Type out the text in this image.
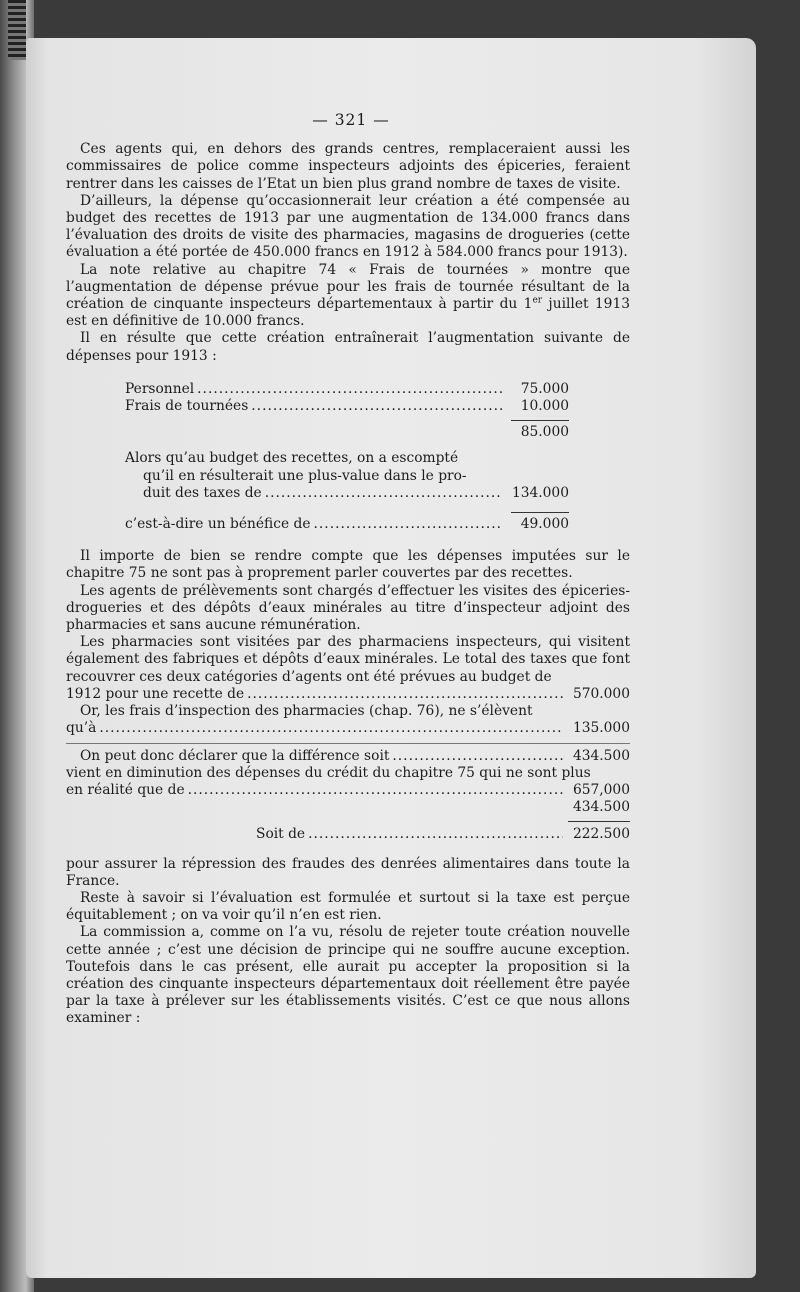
— 321 —

Ces agents qui, en dehors des grands centres, remplaceraient aussi les commissaires de police comme inspecteurs adjoints des épiceries, feraient rentrer dans les caisses de l’Etat un bien plus grand nombre de taxes de visite.

D’ailleurs, la dépense qu’occasionnerait leur création a été compensée au budget des recettes de 1913 par une augmentation de 134.000 francs dans l’évaluation des droits de visite des pharmacies, magasins de drogueries (cette évaluation a été portée de 450.000 francs en 1912 à 584.000 francs pour 1913).

La note relative au chapitre 74 « Frais de tournées » montre que l’augmentation de dépense prévue pour les frais de tournée résultant de la création de cinquante inspecteurs départementaux à partir du 1er juillet 1913 est en définitive de 10.000 francs.

Il en résulte que cette création entraînerait l’augmentation suivante de dépenses pour 1913 :

Personnel .....	75.000
Frais de tournées .....	10.000
85.000
Alors qu’au budget des recettes, on a escompté
qu’il en résulterait une plus-value dans le pro-
duit des taxes de .....	134.000
c’est-à-dire un bénéfice de .....	49.000

Il importe de bien se rendre compte que les dépenses imputées sur le chapitre 75 ne sont pas à proprement parler couvertes par des recettes.

Les agents de prélèvements sont chargés d’effectuer les visites des épiceries-drogueries et des dépôts d’eaux minérales au titre d’inspecteur adjoint des pharmacies et sans aucune rémunération.

Les pharmacies sont visitées par des pharmaciens inspecteurs, qui visitent également des fabriques et dépôts d’eaux minérales. Le total des taxes que font recouvrer ces deux catégories d’agents ont été prévues au budget de

1912 pour une recette de .....	570.000

Or, les frais d’inspection des pharmacies (chap. 76), ne s’élèvent

qu’à .....	135.000
On peut donc déclarer que la différence soit .....	434.500

vient en diminution des dépenses du crédit du chapitre 75 qui ne sont plus

en réalité que de .....	657,000
434.500
Soit de .....	222.500

pour assurer la répression des fraudes des denrées alimentaires dans toute la France.

Reste à savoir si l’évaluation est formulée et surtout si la taxe est perçue équitablement ; on va voir qu’il n’en est rien.

La commission a, comme on l’a vu, résolu de rejeter toute création nouvelle cette année ; c’est une décision de principe qui ne souffre aucune exception. Toutefois dans le cas présent, elle aurait pu accepter la proposition si la création des cinquante inspecteurs départementaux doit réellement être payée par la taxe à prélever sur les établissements visités. C’est ce que nous allons examiner :
